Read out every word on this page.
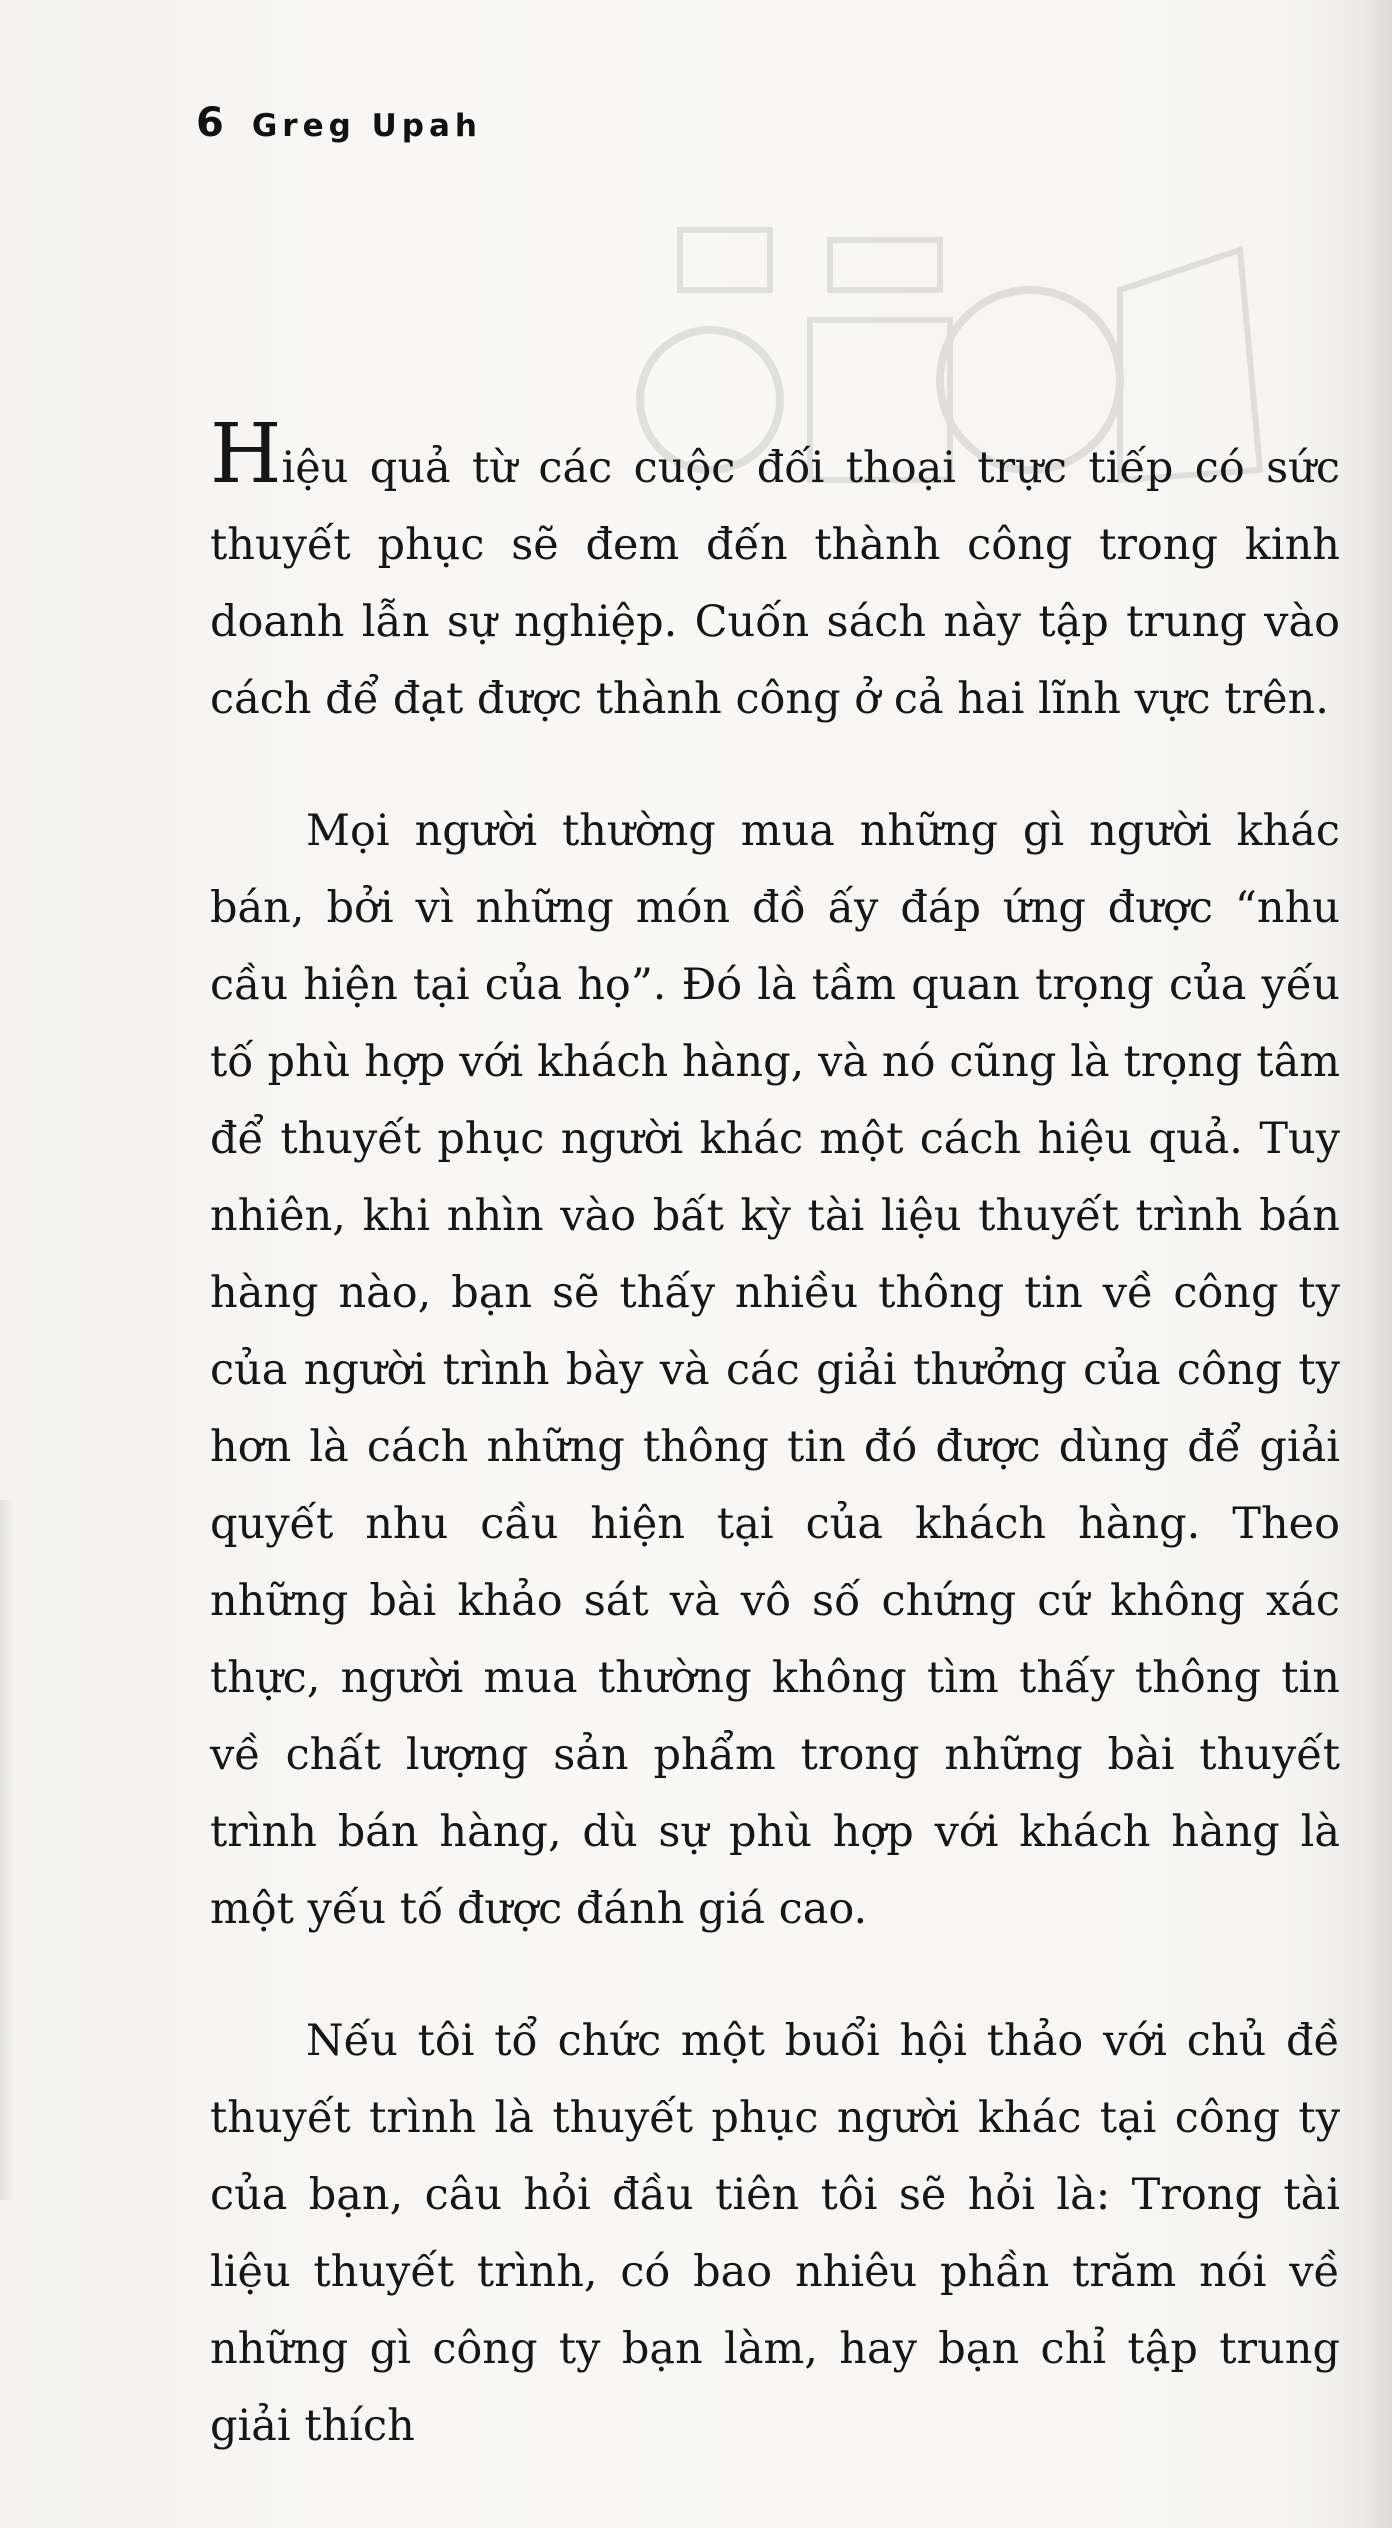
6 Greg Upah

Hiệu quả từ các cuộc đối thoại trực tiếp có sức thuyết phục sẽ đem đến thành công trong kinh doanh lẫn sự nghiệp. Cuốn sách này tập trung vào cách để đạt được thành công ở cả hai lĩnh vực trên.

Mọi người thường mua những gì người khác bán, bởi vì những món đồ ấy đáp ứng được “nhu cầu hiện tại của họ”. Đó là tầm quan trọng của yếu tố phù hợp với khách hàng, và nó cũng là trọng tâm để thuyết phục người khác một cách hiệu quả. Tuy nhiên, khi nhìn vào bất kỳ tài liệu thuyết trình bán hàng nào, bạn sẽ thấy nhiều thông tin về công ty của người trình bày và các giải thưởng của công ty hơn là cách những thông tin đó được dùng để giải quyết nhu cầu hiện tại của khách hàng. Theo những bài khảo sát và vô số chứng cứ không xác thực, người mua thường không tìm thấy thông tin về chất lượng sản phẩm trong những bài thuyết trình bán hàng, dù sự phù hợp với khách hàng là một yếu tố được đánh giá cao.

Nếu tôi tổ chức một buổi hội thảo với chủ đề thuyết trình là thuyết phục người khác tại công ty của bạn, câu hỏi đầu tiên tôi sẽ hỏi là: Trong tài liệu thuyết trình, có bao nhiêu phần trăm nói về những gì công ty bạn làm, hay bạn chỉ tập trung giải thích
